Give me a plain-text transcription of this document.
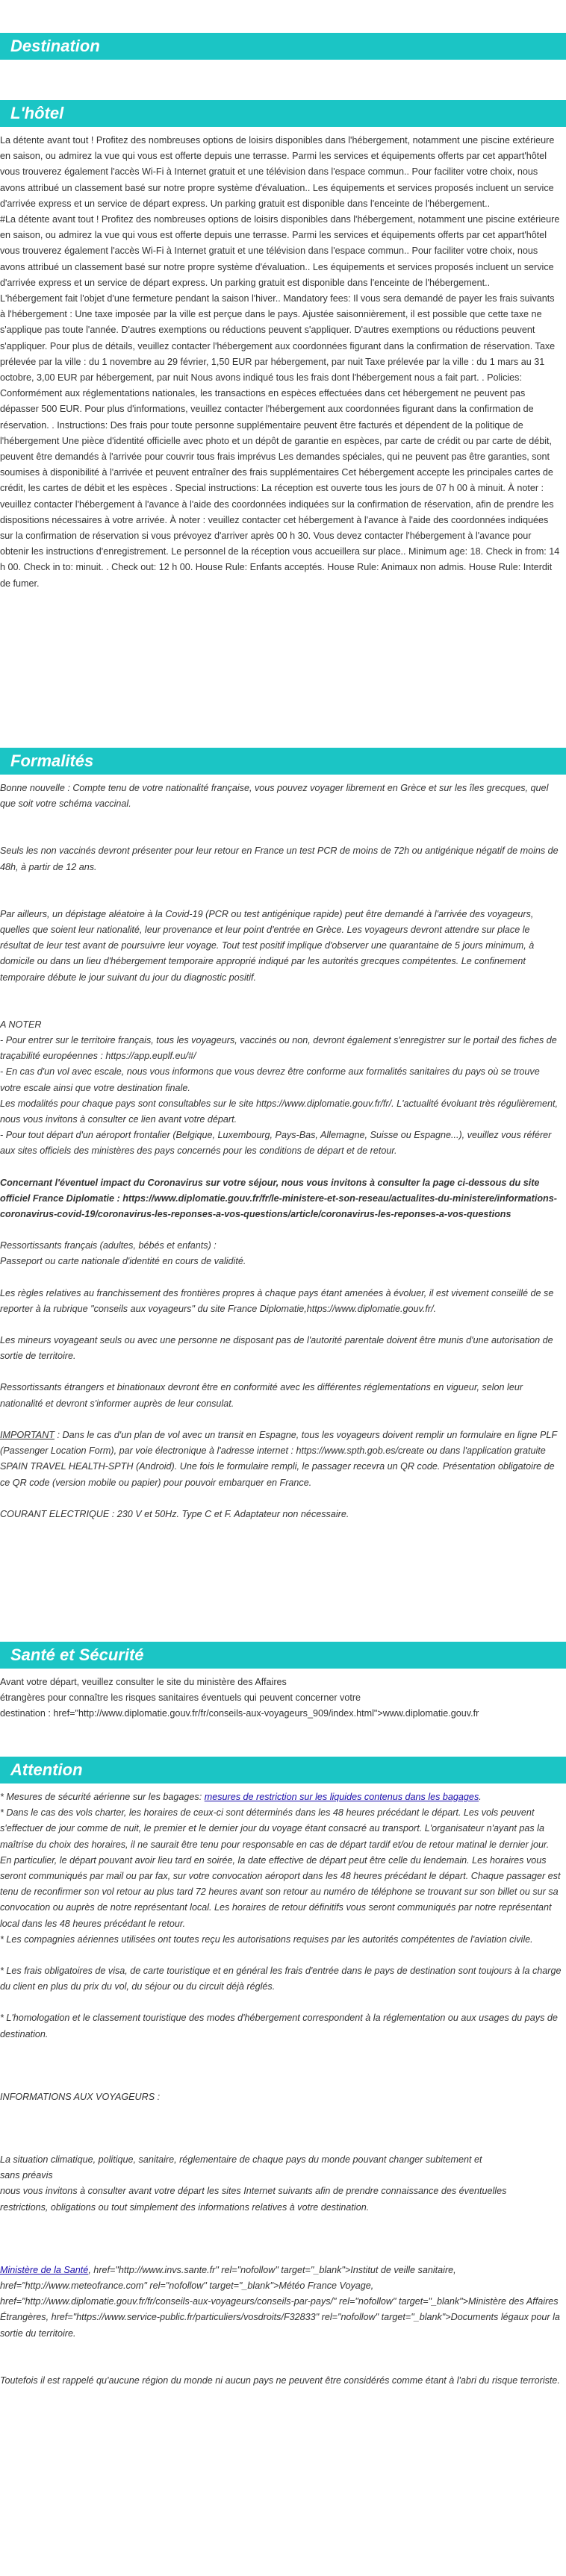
Destination
L'hôtel

La détente avant tout ! Profitez des nombreuses options de loisirs disponibles dans l'hébergement, notamment une piscine extérieure en saison, ou admirez la vue qui vous est offerte depuis une terrasse. Parmi les services et équipements offerts par cet appart'hôtel vous trouverez également l'accès Wi-Fi à Internet gratuit et une télévision dans l'espace commun.. Pour faciliter votre choix, nous avons attribué un classement basé sur notre propre système d'évaluation.. Les équipements et services proposés incluent un service d'arrivée express et un service de départ express. Un parking gratuit est disponible dans l'enceinte de l'hébergement..

#La détente avant tout ! Profitez des nombreuses options de loisirs disponibles dans l'hébergement, notamment une piscine extérieure en saison, ou admirez la vue qui vous est offerte depuis une terrasse. Parmi les services et équipements offerts par cet appart'hôtel vous trouverez également l'accès Wi-Fi à Internet gratuit et une télévision dans l'espace commun.. Pour faciliter votre choix, nous avons attribué un classement basé sur notre propre système d'évaluation.. Les équipements et services proposés incluent un service d'arrivée express et un service de départ express. Un parking gratuit est disponible dans l'enceinte de l'hébergement..

L'hébergement fait l'objet d'une fermeture pendant la saison l'hiver.. Mandatory fees: Il vous sera demandé de payer les frais suivants à l'hébergement : Une taxe imposée par la ville est perçue dans le pays. Ajustée saisonnièrement, il est possible que cette taxe ne s'applique pas toute l'année. D'autres exemptions ou réductions peuvent s'appliquer. D'autres exemptions ou réductions peuvent s'appliquer. Pour plus de détails, veuillez contacter l'hébergement aux coordonnées figurant dans la confirmation de réservation. Taxe prélevée par la ville : du 1 novembre au 29 février, 1,50 EUR par hébergement, par nuit Taxe prélevée par la ville : du 1 mars au 31 octobre, 3,00 EUR par hébergement, par nuit Nous avons indiqué tous les frais dont l'hébergement nous a fait part. . Policies: Conformément aux réglementations nationales, les transactions en espèces effectuées dans cet hébergement ne peuvent pas dépasser 500 EUR. Pour plus d'informations, veuillez contacter l'hébergement aux coordonnées figurant dans la confirmation de réservation. . Instructions: Des frais pour toute personne supplémentaire peuvent être facturés et dépendent de la politique de l'hébergement Une pièce d'identité officielle avec photo et un dépôt de garantie en espèces, par carte de crédit ou par carte de débit, peuvent être demandés à l'arrivée pour couvrir tous frais imprévus Les demandes spéciales, qui ne peuvent pas être garanties, sont soumises à disponibilité à l'arrivée et peuvent entraîner des frais supplémentaires Cet hébergement accepte les principales cartes de crédit, les cartes de débit et les espèces . Special instructions: La réception est ouverte tous les jours de 07 h 00 à minuit. À noter : veuillez contacter l'hébergement à l'avance à l'aide des coordonnées indiquées sur la confirmation de réservation, afin de prendre les dispositions nécessaires à votre arrivée. À noter : veuillez contacter cet hébergement à l'avance à l'aide des coordonnées indiquées sur la confirmation de réservation si vous prévoyez d'arriver après 00 h 30. Vous devez contacter l'hébergement à l'avance pour obtenir les instructions d'enregistrement. Le personnel de la réception vous accueillera sur place.. Minimum age: 18. Check in from: 14 h 00. Check in to: minuit. . Check out: 12 h 00. House Rule: Enfants acceptés. House Rule: Animaux non admis. House Rule: Interdit de fumer.

Formalités

Bonne nouvelle : Compte tenu de votre nationalité française, vous pouvez voyager librement en Grèce et sur les îles grecques, quel que soit votre schéma vaccinal.

Seuls les non vaccinés devront présenter pour leur retour en France un test PCR de moins de 72h ou antigénique négatif de moins de 48h, à partir de 12 ans.

Par ailleurs, un dépistage aléatoire à la Covid-19 (PCR ou test antigénique rapide) peut être demandé à l'arrivée des voyageurs, quelles que soient leur nationalité, leur provenance et leur point d'entrée en Grèce. Les voyageurs devront attendre sur place le résultat de leur test avant de poursuivre leur voyage. Tout test positif implique d'observer une quarantaine de 5 jours minimum, à domicile ou dans un lieu d'hébergement temporaire approprié indiqué par les autorités grecques compétentes. Le confinement temporaire débute le jour suivant du jour du diagnostic positif.

A NOTER

- Pour entrer sur le territoire français, tous les voyageurs, vaccinés ou non, devront également s'enregistrer sur le portail des fiches de traçabilité européennes : https://app.euplf.eu/#/

- En cas d'un vol avec escale, nous vous informons que vous devrez être conforme aux formalités sanitaires du pays où se trouve votre escale ainsi que votre destination finale.

Les modalités pour chaque pays sont consultables sur le site https://www.diplomatie.gouv.fr/fr/. L'actualité évoluant très régulièrement, nous vous invitons à consulter ce lien avant votre départ.

- Pour tout départ d'un aéroport frontalier (Belgique, Luxembourg, Pays-Bas, Allemagne, Suisse ou Espagne...), veuillez vous référer aux sites officiels des ministères des pays concernés pour les conditions de départ et de retour.

Concernant l'éventuel impact du Coronavirus sur votre séjour, nous vous invitons à consulter la page ci-dessous du site officiel France Diplomatie : https://www.diplomatie.gouv.fr/fr/le-ministere-et-son-reseau/actualites-du-ministere/informations-coronavirus-covid-19/coronavirus-les-reponses-a-vos-questions/article/coronavirus-les-reponses-a-vos-questions

Ressortissants français (adultes, bébés et enfants) :

Passeport ou carte nationale d'identité en cours de validité.

Les règles relatives au franchissement des frontières propres à chaque pays étant amenées à évoluer, il est vivement conseillé de se reporter à la rubrique "conseils aux voyageurs" du site France Diplomatie,https://www.diplomatie.gouv.fr/.

Les mineurs voyageant seuls ou avec une personne ne disposant pas de l'autorité parentale doivent être munis d'une autorisation de sortie de territoire.

Ressortissants étrangers et binationaux devront être en conformité avec les différentes réglementations en vigueur, selon leur nationalité et devront s'informer auprès de leur consulat.

IMPORTANT : Dans le cas d'un plan de vol avec un transit en Espagne, tous les voyageurs doivent remplir un formulaire en ligne PLF (Passenger Location Form), par voie électronique à l'adresse internet : https://www.spth.gob.es/create ou dans l'application gratuite SPAIN TRAVEL HEALTH-SPTH (Android). Une fois le formulaire rempli, le passager recevra un QR code. Présentation obligatoire de ce QR code (version mobile ou papier) pour pouvoir embarquer en France.

COURANT ELECTRIQUE : 230 V et 50Hz. Type C et F. Adaptateur non nécessaire.

Santé et Sécurité

Avant votre départ, veuillez consulter le site du ministère des Affaires

étrangères pour connaître les risques sanitaires éventuels qui peuvent concerner votre

destination : href="http://www.diplomatie.gouv.fr/fr/conseils-aux-voyageurs_909/index.html">www.diplomatie.gouv.fr

Attention

* Mesures de sécurité aérienne sur les bagages: mesures de restriction sur les liquides contenus dans les bagages.

* Dans le cas des vols charter, les horaires de ceux-ci sont déterminés dans les 48 heures précédant le départ. Les vols peuvent s'effectuer de jour comme de nuit, le premier et le dernier jour du voyage étant consacré au transport. L'organisateur n'ayant pas la maîtrise du choix des horaires, il ne saurait être tenu pour responsable en cas de départ tardif et/ou de retour matinal le dernier jour. En particulier, le départ pouvant avoir lieu tard en soirée, la date effective de départ peut être celle du lendemain. Les horaires vous seront communiqués par mail ou par fax, sur votre convocation aéroport dans les 48 heures précédant le départ. Chaque passager est tenu de reconfirmer son vol retour au plus tard 72 heures avant son retour au numéro de téléphone se trouvant sur son billet ou sur sa convocation ou auprès de notre représentant local. Les horaires de retour définitifs vous seront communiqués par notre représentant local dans les 48 heures précédant le retour.

* Les compagnies aériennes utilisées ont toutes reçu les autorisations requises par les autorités compétentes de l'aviation civile.

* Les frais obligatoires de visa, de carte touristique et en général les frais d'entrée dans le pays de destination sont toujours à la charge du client en plus du prix du vol, du séjour ou du circuit déjà réglés.

* L'homologation et le classement touristique des modes d'hébergement correspondent à la réglementation ou aux usages du pays de destination.

INFORMATIONS AUX VOYAGEURS :

La situation climatique, politique, sanitaire, réglementaire de chaque pays du monde pouvant changer subitement et

sans préavis

nous vous invitons à consulter avant votre départ les sites Internet suivants afin de prendre connaissance des éventuelles

restrictions, obligations ou tout simplement des informations relatives à votre destination.

Ministère de la Santé, href="http://www.invs.sante.fr" rel="nofollow" target="_blank">Institut de veille sanitaire, href="http://www.meteofrance.com" rel="nofollow" target="_blank">Météo France Voyage, href="http://www.diplomatie.gouv.fr/fr/conseils-aux-voyageurs/conseils-par-pays/" rel="nofollow" target="_blank">Ministère des Affaires Étrangères, href="https://www.service-public.fr/particuliers/vosdroits/F32833" rel="nofollow" target="_blank">Documents légaux pour la sortie du territoire.

Toutefois il est rappelé qu'aucune région du monde ni aucun pays ne peuvent être considérés comme étant à l'abri du risque terroriste.
